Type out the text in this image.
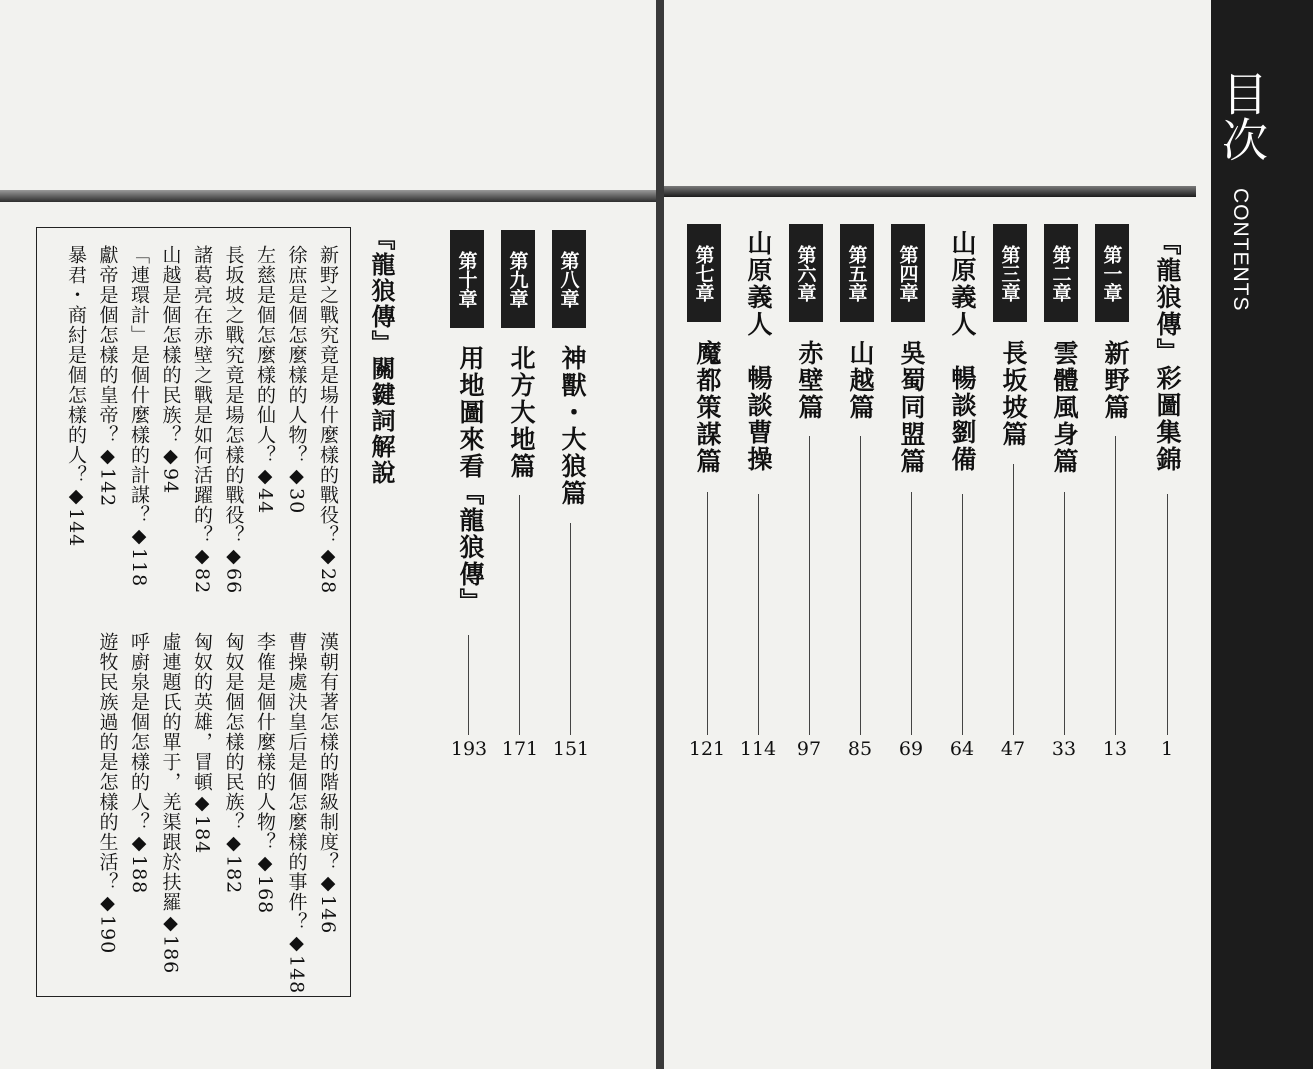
目次
CONTENTS
『龍狼傳』彩圖集錦
1
第一章
新野篇
13
第二章
雲體風身篇
33
第三章
長坂坡篇
47
山原義人　暢談劉備
64
第四章
吳蜀同盟篇
69
第五章
山越篇
85
第六章
赤壁篇
97
山原義人　暢談曹操
114
第七章
魔都策謀篇
121
第八章
神獸・大狼篇
151
第九章
北方大地篇
171
第十章
用地圖來看『龍狼傳』
193
『龍狼傳』關鍵詞解說
新野之戰究竟是場什麼樣的戰役？◆28
徐庶是個怎麼樣的人物？◆30
左慈是個怎麼樣的仙人？◆44
長坂坡之戰究竟是場怎樣的戰役？◆66
諸葛亮在赤壁之戰是如何活躍的？◆82
山越是個怎樣的民族？◆94
「連環計」是個什麼樣的計謀？◆118
獻帝是個怎樣的皇帝？◆142
暴君・商紂是個怎樣的人？◆144
漢朝有著怎樣的階級制度？◆146
曹操處決皇后是個怎麼樣的事件？◆148
李傕是個什麼樣的人物？◆168
匈奴是個怎樣的民族？◆182
匈奴的英雄，冒頓◆184
虛連題氏的單于，羌渠跟於扶羅◆186
呼廚泉是個怎樣的人？◆188
遊牧民族過的是怎樣的生活？◆190
